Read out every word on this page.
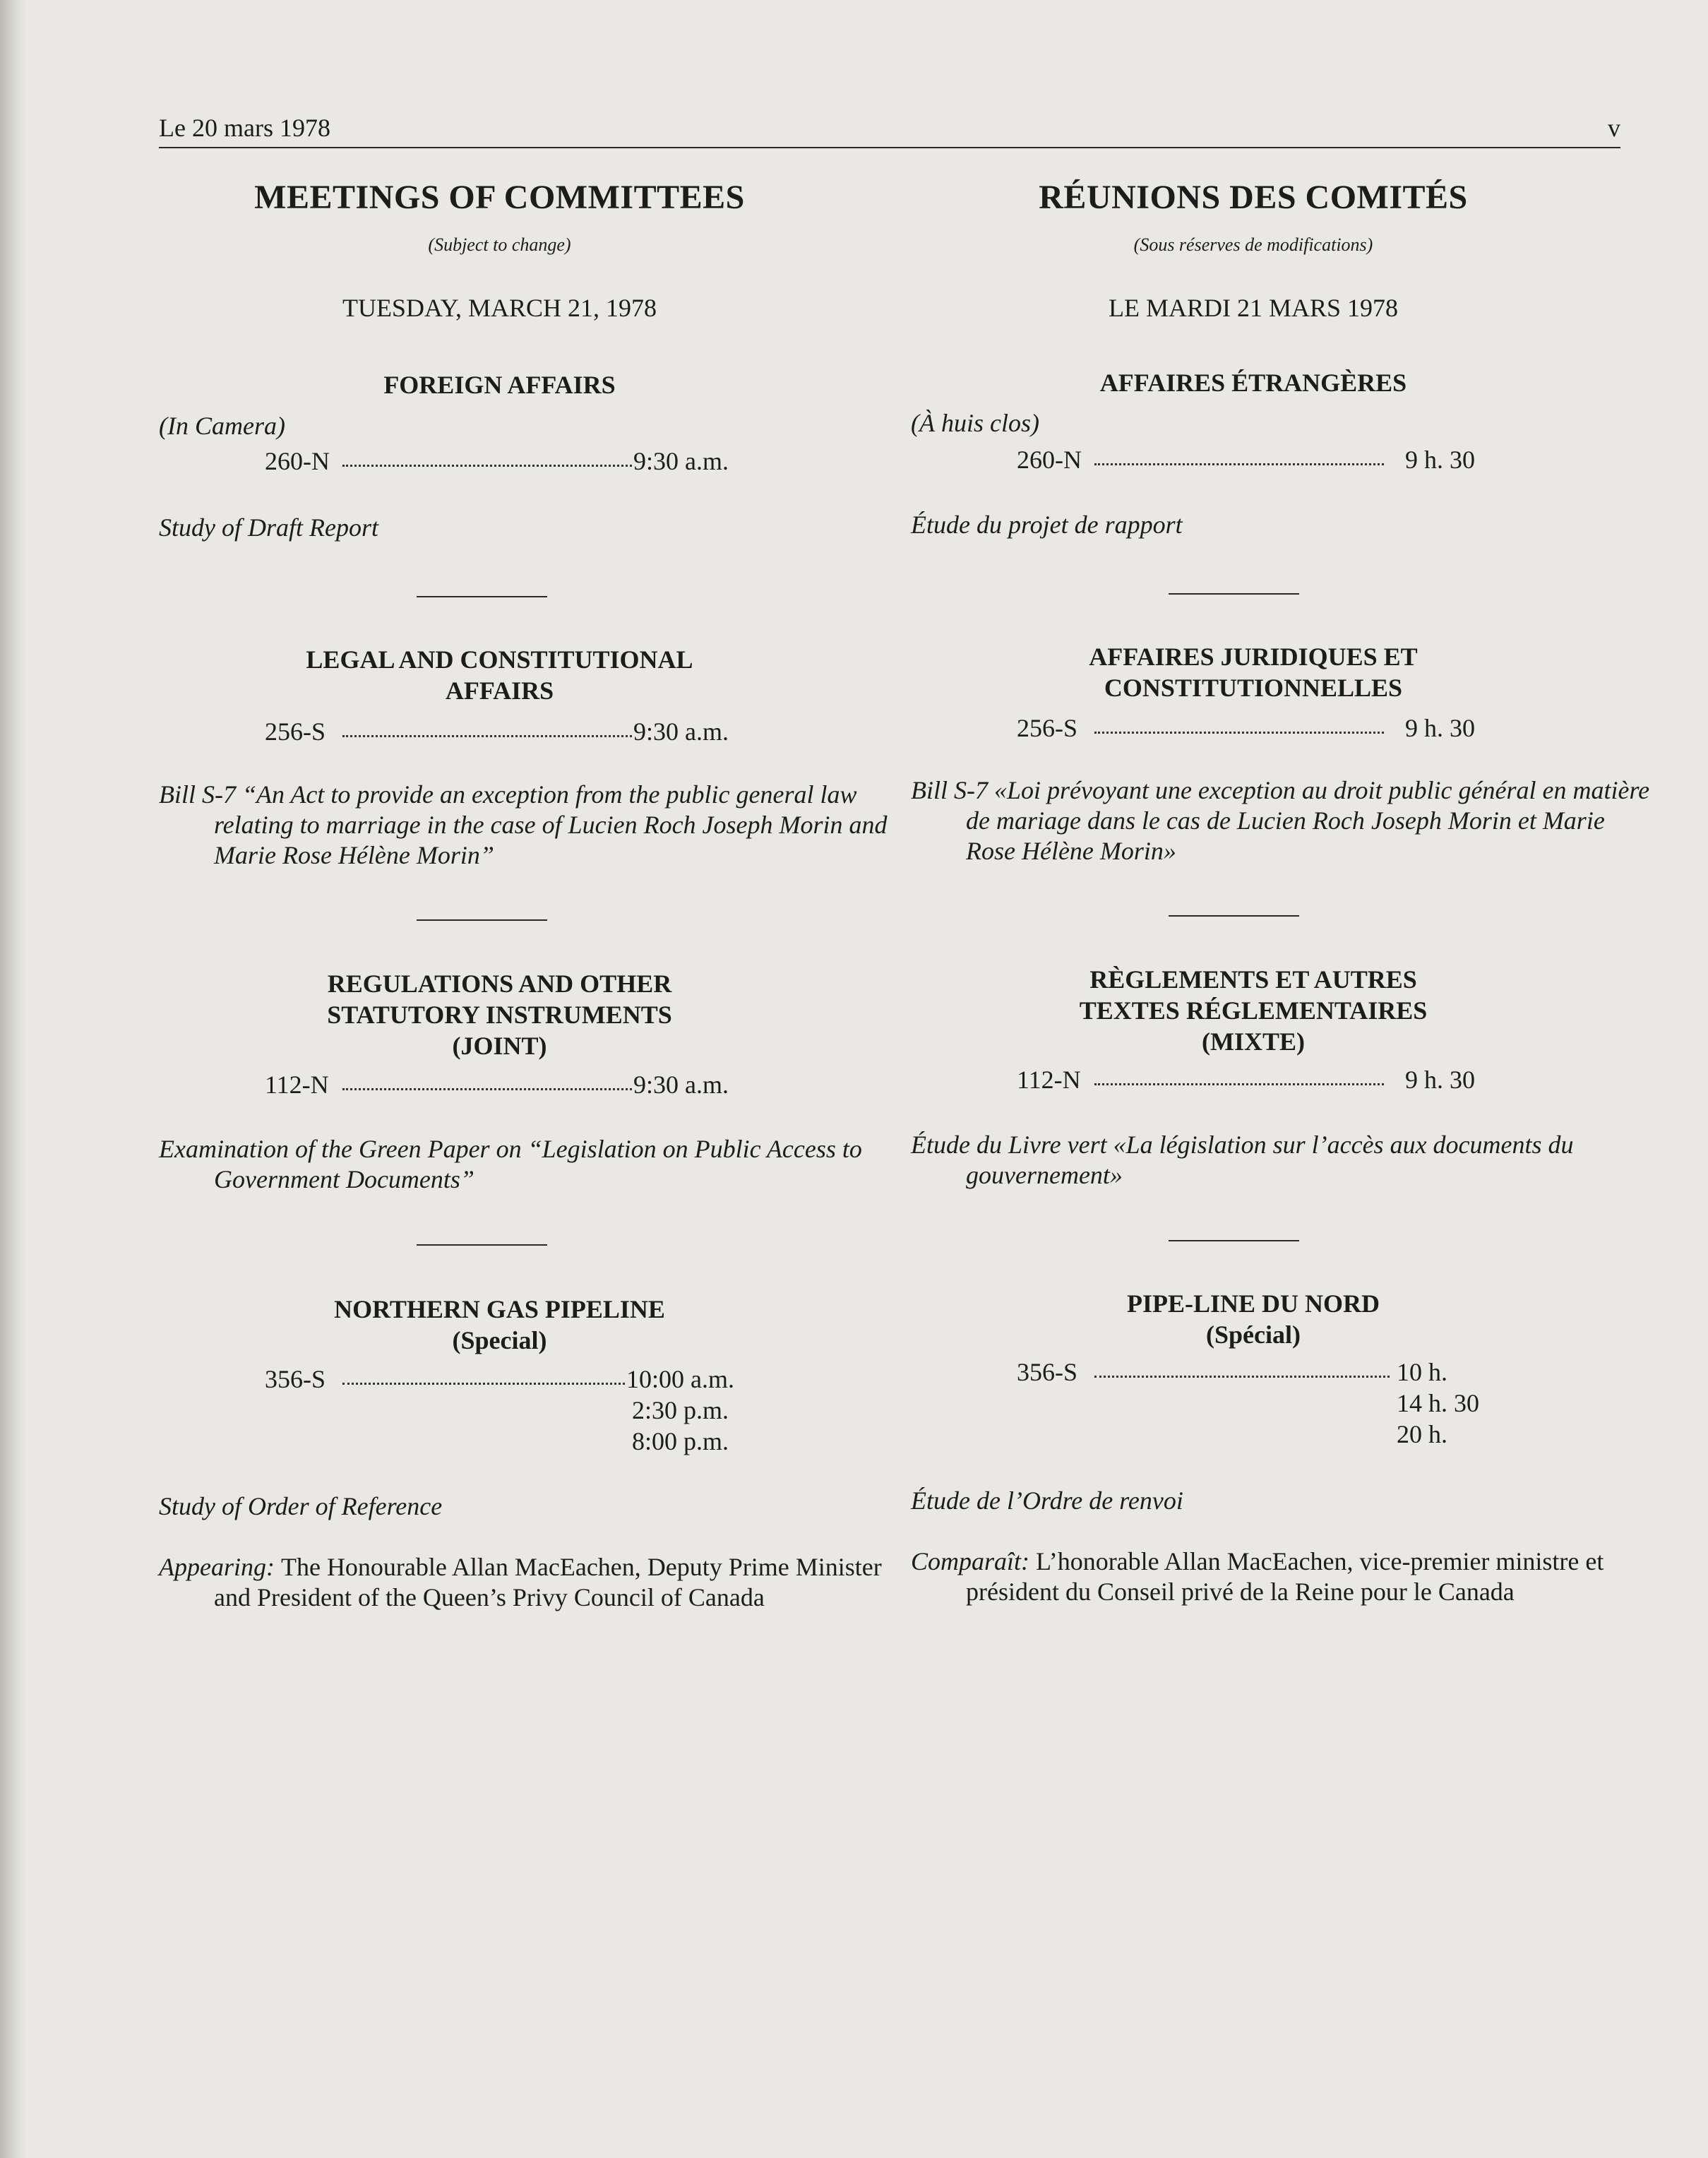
Le 20 mars 1978	v
MEETINGS OF COMMITTEES
(Subject to change)
TUESDAY, MARCH 21, 1978
FOREIGN AFFAIRS
(In Camera)
260-N	9:30 a.m.
Study of Draft Report
LEGAL AND CONSTITUTIONAL
AFFAIRS
256-S	9:30 a.m.
Bill S-7 “An Act to provide an exception from the public general law relating to marriage in the case of Lucien Roch Joseph Morin and Marie Rose Hélène Morin”
REGULATIONS AND OTHER
STATUTORY INSTRUMENTS
(JOINT)
112-N	9:30 a.m.
Examination of the Green Paper on “Legislation on Public Access to Government Documents”
NORTHERN GAS PIPELINE
(Special)
356-S	10:00 a.m.
2:30 p.m.
8:00 p.m.
Study of Order of Reference
Appearing: The Honourable Allan MacEachen, Deputy Prime Minister and President of the Queen’s Privy Council of Canada
RÉUNIONS DES COMITÉS
(Sous réserves de modifications)
LE MARDI 21 MARS 1978
AFFAIRES ÉTRANGÈRES
(À huis clos)
260-N	9 h. 30
Étude du projet de rapport
AFFAIRES JURIDIQUES ET
CONSTITUTIONNELLES
256-S	9 h. 30
Bill S-7 «Loi prévoyant une exception au droit public général en matière de mariage dans le cas de Lucien Roch Joseph Morin et Marie Rose Hélène Morin»
RÈGLEMENTS ET AUTRES
TEXTES RÉGLEMENTAIRES
(MIXTE)
112-N	9 h. 30
Étude du Livre vert «La législation sur l’accès aux documents du gouvernement»
PIPE-LINE DU NORD
(Spécial)
356-S	10 h.
14 h. 30
20 h.
Étude de l’Ordre de renvoi
Comparaît: L’honorable Allan MacEachen, vice-premier ministre et président du Conseil privé de la Reine pour le Canada
